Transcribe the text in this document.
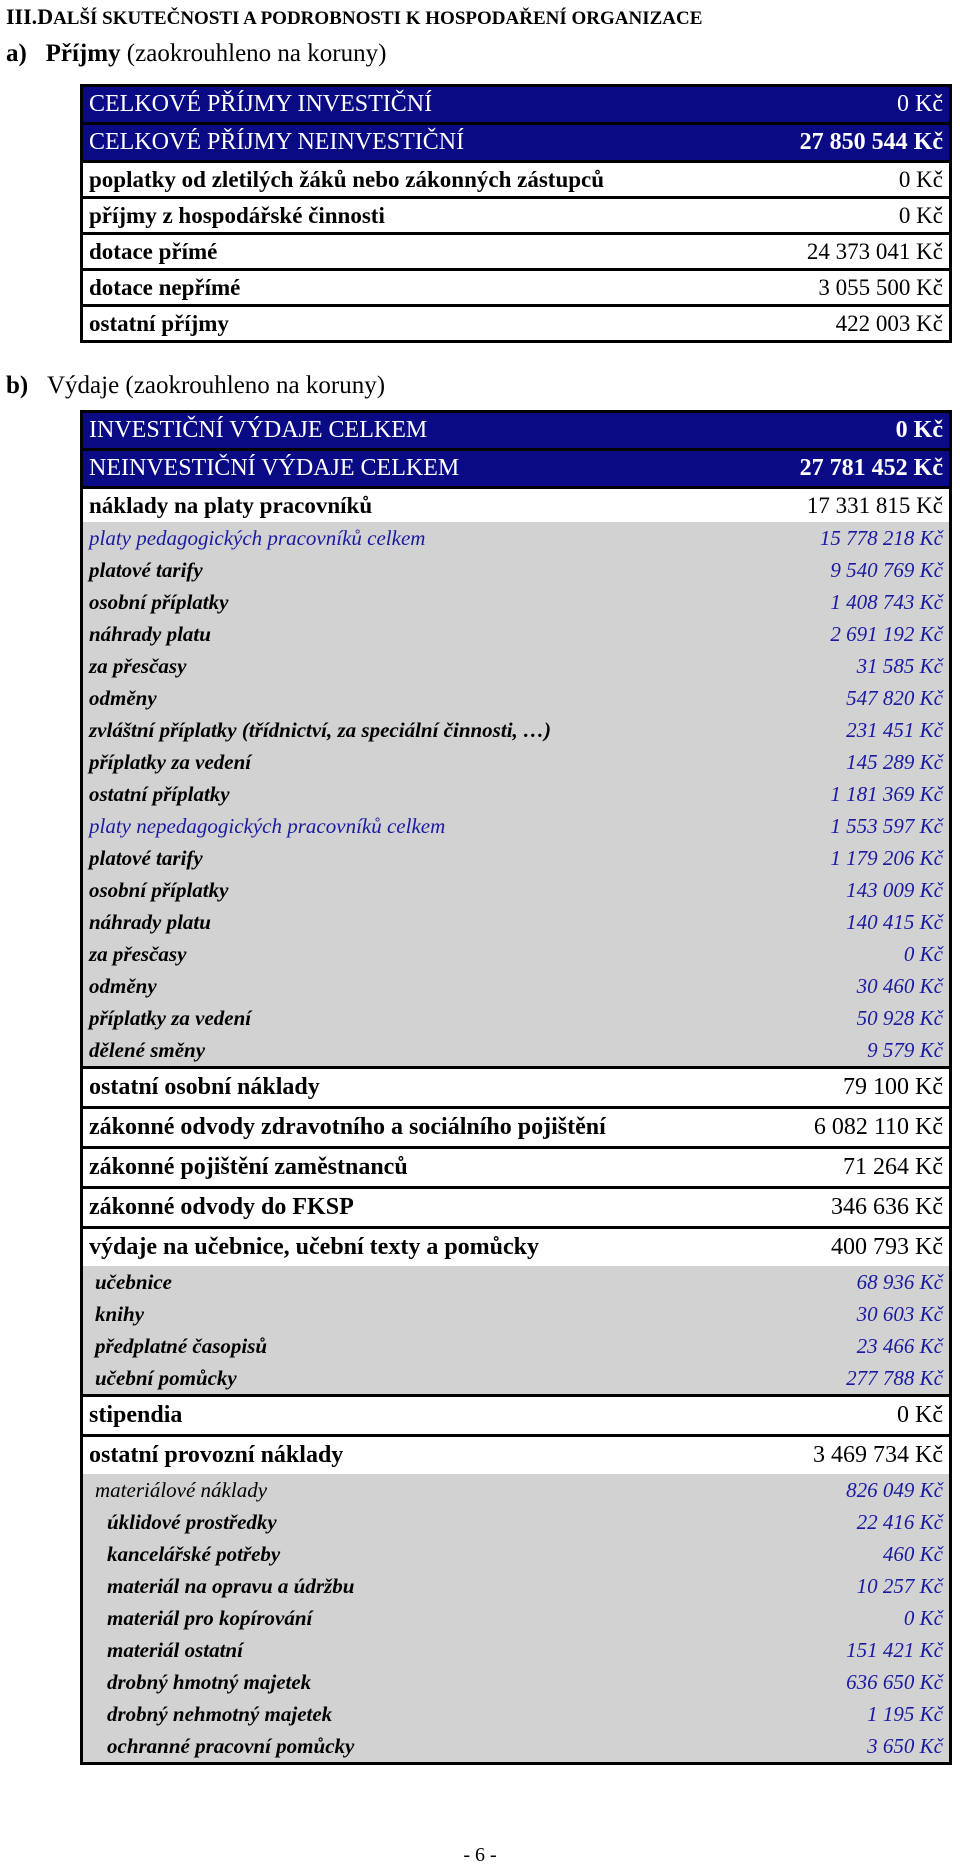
III.DALŠÍ SKUTEČNOSTI A PODROBNOSTI K HOSPODAŘENÍ ORGANIZACE
a) Příjmy (zaokrouhleno na koruny)
CELKOVÉ PŘÍJMY INVESTIČNÍ	0 Kč
CELKOVÉ PŘÍJMY NEINVESTIČNÍ	27 850 544 Kč
poplatky od zletilých žáků nebo zákonných zástupců	0 Kč
příjmy z hospodářské činnosti	0 Kč
dotace přímé	24 373 041 Kč
dotace nepřímé	3 055 500 Kč
ostatní příjmy	422 003 Kč
b) Výdaje (zaokrouhleno na koruny)
INVESTIČNÍ VÝDAJE CELKEM	0 Kč
NEINVESTIČNÍ VÝDAJE CELKEM	27 781 452 Kč
náklady na platy pracovníků	17 331 815 Kč
platy pedagogických pracovníků celkem	15 778 218 Kč
platové tarify	9 540 769 Kč
osobní příplatky	1 408 743 Kč
náhrady platu	2 691 192 Kč
za přesčasy	31 585 Kč
odměny	547 820 Kč
zvláštní příplatky (třídnictví, za speciální činnosti, …)	231 451 Kč
příplatky za vedení	145 289 Kč
ostatní příplatky	1 181 369 Kč
platy nepedagogických pracovníků celkem	1 553 597 Kč
platové tarify	1 179 206 Kč
osobní příplatky	143 009 Kč
náhrady platu	140 415 Kč
za přesčasy	0 Kč
odměny	30 460 Kč
příplatky za vedení	50 928 Kč
dělené směny	9 579 Kč
ostatní osobní náklady	79 100 Kč
zákonné odvody zdravotního a sociálního pojištění	6 082 110 Kč
zákonné pojištění zaměstnanců	71 264 Kč
zákonné odvody do FKSP	346 636 Kč
výdaje na učebnice, učební texty a pomůcky	400 793 Kč
učebnice	68 936 Kč
knihy	30 603 Kč
předplatné časopisů	23 466 Kč
učební pomůcky	277 788 Kč
stipendia	0 Kč
ostatní provozní náklady	3 469 734 Kč
materiálové náklady	826 049 Kč
úklidové prostředky	22 416 Kč
kancelářské potřeby	460 Kč
materiál na opravu a údržbu	10 257 Kč
materiál pro kopírování	0 Kč
materiál ostatní	151 421 Kč
drobný hmotný majetek	636 650 Kč
drobný nehmotný majetek	1 195 Kč
ochranné pracovní pomůcky	3 650 Kč
- 6 -
